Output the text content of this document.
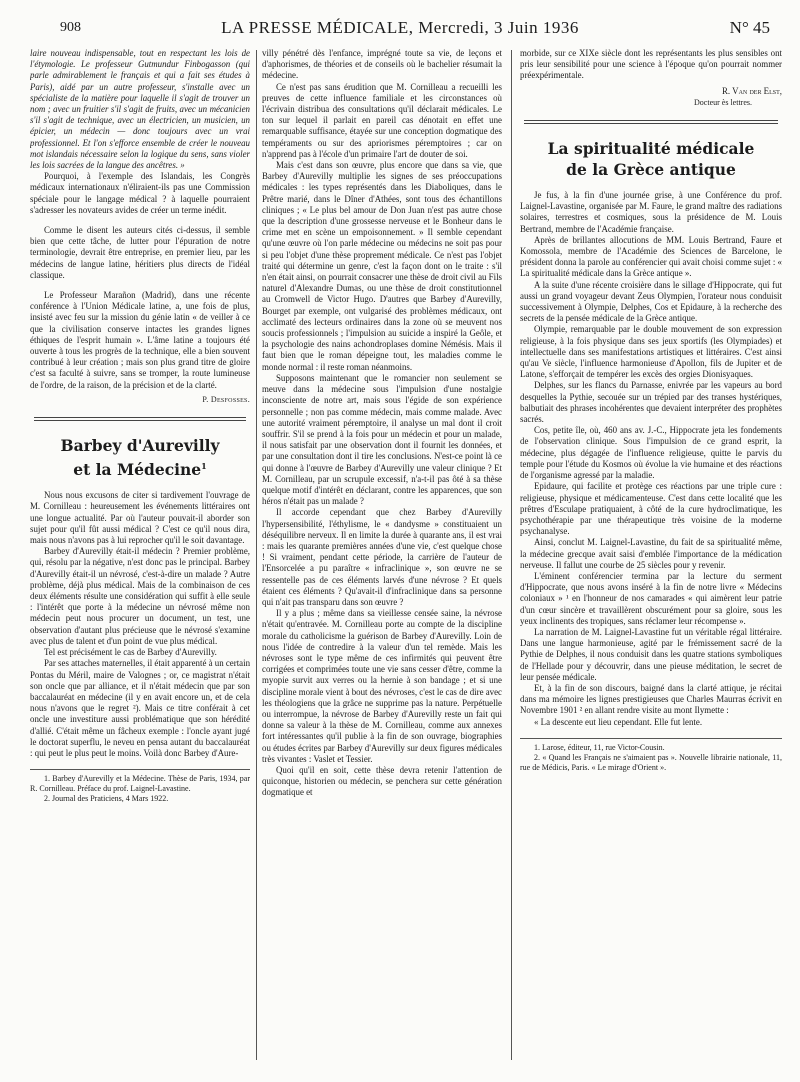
908	LA PRESSE MÉDICALE, Mercredi, 3 Juin 1936	N° 45

laire nouveau indispensable, tout en respectant les lois de l'étymologie. Le professeur Gutmundur Finbogasson (qui parle admirablement le français et qui a fait ses études à Paris), aidé par un autre professeur, s'installe avec un spécialiste de la matière pour laquelle il s'agit de trouver un nom ; avec un fruitier s'il s'agit de fruits, avec un mécanicien s'il s'agit de technique, avec un électricien, un musicien, un épicier, un médecin — donc toujours avec un vrai professionnel. Et l'on s'efforce ensemble de créer le nouveau mot islandais nécessaire selon la logique du sens, sans violer les lois sacrées de la langue des ancêtres. »

Pourquoi, à l'exemple des Islandais, les Congrès médicaux internationaux n'éliraient-ils pas une Commission spéciale pour le langage médical ? à laquelle pourraient s'adresser les novateurs avides de créer un terme inédit.

Comme le disent les auteurs cités ci-dessus, il semble bien que cette tâche, de lutter pour l'épuration de notre terminologie, devrait être entreprise, en premier lieu, par les médecins de langue latine, héritiers plus directs de l'idéal classique.

Le Professeur Marañon (Madrid), dans une récente conférence à l'Union Médicale latine, a, une fois de plus, insisté avec feu sur la mission du génie latin « de veiller à ce que la civilisation conserve intactes les grandes lignes éthiques de l'esprit humain ». L'âme latine a toujours été ouverte à tous les progrès de la technique, elle a bien souvent contribué à leur création ; mais son plus grand titre de gloire c'est sa faculté à suivre, sans se tromper, la route lumineuse de l'ordre, de la raison, de la précision et de la clarté.

P. Desfosses.
Barbey d'Aurevilly
et la Médecine$^1$

Nous nous excusons de citer si tardivement l'ouvrage de M. Cornilleau : heureusement les événements littéraires ont une longue actualité. Par où l'auteur pouvait-il aborder son sujet pour qu'il fût aussi médical ? C'est ce qu'il nous dira, mais nous n'avons pas à lui reprocher qu'il le soit davantage.

Barbey d'Aurevilly était-il médecin ? Premier problème, qui, résolu par la négative, n'est donc pas le principal. Barbey d'Aurevilly était-il un névrosé, c'est-à-dire un malade ? Autre problème, déjà plus médical. Mais de la combinaison de ces deux éléments résulte une considération qui suffit à elle seule : l'intérêt que porte à la médecine un névrosé même non médecin peut nous procurer un document, un test, une observation d'autant plus précieuse que le névrosé s'examine avec plus de talent et d'un point de vue plus médical.

Tel est précisément le cas de Barbey d'Aurevilly.

Par ses attaches maternelles, il était apparenté à un certain Pontas du Méril, maire de Valognes ; or, ce magistrat n'était son oncle que par alliance, et il n'était médecin que par son baccalauréat en médecine (il y en avait encore un, et de cela nous n'avons que le regret ²). Mais ce titre conférait à cet oncle une investiture aussi problématique que son hérédité d'allié. C'était même un fâcheux exemple : l'oncle ayant jugé le doctorat superflu, le neveu en pensa autant du baccalauréat : qui peut le plus peut le moins. Voilà donc Barbey d'Aure-

1. Barbey d'Aurevilly et la Médecine. Thèse de Paris, 1934, par R. Cornilleau. Préface du prof. Laignel-Lavastine.

2. Journal des Praticiens, 4 Mars 1922.

villy pénétré dès l'enfance, imprégné toute sa vie, de leçons et d'aphorismes, de théories et de conseils où le bachelier résumait la médecine.

Ce n'est pas sans érudition que M. Cornilleau a recueilli les preuves de cette influence familiale et les circonstances où l'écrivain distribua des consultations qu'il déclarait médicales. Le ton sur lequel il parlait en pareil cas dénotait en effet une remarquable suffisance, étayée sur une conception dogmatique des tempéraments ou sur des apriorismes péremptoires ; car on n'apprend pas à l'école d'un primaire l'art de douter de soi.

Mais c'est dans son œuvre, plus encore que dans sa vie, que Barbey d'Aurevilly multiplie les signes de ses préoccupations médicales : les types représentés dans les Diaboliques, dans le Prêtre marié, dans le Dîner d'Athées, sont tous des échantillons cliniques ; « Le plus bel amour de Don Juan n'est pas autre chose que la description d'une grossesse nerveuse et le Bonheur dans le crime met en scène un empoisonnement. » Il semble cependant qu'une œuvre où l'on parle médecine ou médecins ne soit pas pour si peu l'objet d'une thèse proprement médicale. Ce n'est pas l'objet traité qui détermine un genre, c'est la façon dont on le traite : s'il n'en était ainsi, on pourrait consacrer une thèse de droit civil au Fils naturel d'Alexandre Dumas, ou une thèse de droit constitutionnel au Cromwell de Victor Hugo. D'autres que Barbey d'Aurevilly, Bourget par exemple, ont vulgarisé des problèmes médicaux, ont acclimaté des lecteurs ordinaires dans la zone où se meuvent nos soucis professionnels ; l'impulsion au suicide a inspiré la Geôle, et la psychologie des nains achondroplases domine Némésis. Mais il faut bien que le roman dépeigne tout, les maladies comme le monde normal : il reste roman néanmoins.

Supposons maintenant que le romancier non seulement se meuve dans la médecine sous l'impulsion d'une nostalgie inconsciente de notre art, mais sous l'égide de son expérience personnelle ; non pas comme médecin, mais comme malade. Avec une autorité vraiment péremptoire, il analyse un mal dont il croit souffrir. S'il se prend à la fois pour un médecin et pour un malade, il nous satisfait par une observation dont il fournit les données, et par une consultation dont il tire les conclusions. N'est-ce point là ce qui donne à l'œuvre de Barbey d'Aurevilly une valeur clinique ? Et M. Cornilleau, par un scrupule excessif, n'a-t-il pas ôté à sa thèse quelque motif d'intérêt en déclarant, contre les apparences, que son héros n'était pas un malade ?

Il accorde cependant que chez Barbey d'Aurevilly l'hypersensibilité, l'éthylisme, le « dandysme » constituaient un déséquilibre nerveux. Il en limite la durée à quarante ans, il est vrai : mais les quarante premières années d'une vie, c'est quelque chose ! Si vraiment, pendant cette période, la carrière de l'auteur de l'Ensorcelée a pu paraître « infraclinique », son œuvre ne se ressentelle pas de ces éléments larvés d'une névrose ? Et quels étaient ces éléments ? Qu'avait-il d'infraclinique dans sa personne qui n'ait pas transparu dans son œuvre ?

Il y a plus ; même dans sa vieillesse censée saine, la névrose n'était qu'entravée. M. Cornilleau porte au compte de la discipline morale du catholicisme la guérison de Barbey d'Aurevilly. Loin de nous l'idée de contredire à la valeur d'un tel remède. Mais les névroses sont le type même de ces infirmités qui peuvent être corrigées et comprimées toute une vie sans cesser d'être, comme la myopie survit aux verres ou la hernie à son bandage ; et si une discipline morale vient à bout des névroses, c'est le cas de dire avec les théologiens que la grâce ne supprime pas la nature. Perpétuelle ou interrompue, la névrose de Barbey d'Aurevilly reste un fait qui donne sa valeur à la thèse de M. Cornilleau, comme aux annexes fort intéressantes qu'il publie à la fin de son ouvrage, biographies ou études écrites par Barbey d'Aurevilly sur deux figures médicales très vivantes : Vaslet et Tessier.

Quoi qu'il en soit, cette thèse devra retenir l'attention de quiconque, historien ou médecin, se penchera sur cette génération dogmatique et

morbide, sur ce XIXe siècle dont les représentants les plus sensibles ont pris leur sensibilité pour une science à l'époque qu'on pourrait nommer préexpérimentale.

R. Van der Elst,
Docteur ès lettres.
La spiritualité médicale
de la Grèce antique

Je fus, à la fin d'une journée grise, à une Conférence du prof. Laignel-Lavastine, organisée par M. Faure, le grand maître des radiations solaires, terrestres et cosmiques, sous la présidence de M. Louis Bertrand, membre de l'Académie française.

Après de brillantes allocutions de MM. Louis Bertrand, Faure et Komossola, membre de l'Académie des Sciences de Barcelone, le président donna la parole au conférencier qui avait choisi comme sujet : « La spiritualité médicale dans la Grèce antique ».

A la suite d'une récente croisière dans le sillage d'Hippocrate, qui fut aussi un grand voyageur devant Zeus Olympien, l'orateur nous conduisit successivement à Olympie, Delphes, Cos et Epidaure, à la recherche des secrets de la pensée médicale de la Grèce antique.

Olympie, remarquable par le double mouvement de son expression religieuse, à la fois physique dans ses jeux sportifs (les Olympiades) et intellectuelle dans ses manifestations artistiques et littéraires. C'est ainsi qu'au Ve siècle, l'influence harmonieuse d'Apollon, fils de Jupiter et de Latone, s'efforçait de tempérer les excès des orgies Dionisyaques.

Delphes, sur les flancs du Parnasse, enivrée par les vapeurs au bord desquelles la Pythie, secouée sur un trépied par des transes hystériques, balbutiait des phrases incohérentes que devaient interpréter des prophètes sacrés.

Cos, petite île, où, 460 ans av. J.-C., Hippocrate jeta les fondements de l'observation clinique. Sous l'impulsion de ce grand esprit, la médecine, plus dégagée de l'influence religieuse, quitte le parvis du temple pour l'étude du Kosmos où évolue la vie humaine et des réactions de l'organisme agressé par la maladie.

Epidaure, qui facilite et protège ces réactions par une triple cure : religieuse, physique et médicamenteuse. C'est dans cette localité que les prêtres d'Esculape pratiquaient, à côté de la cure hydroclimatique, les psychothérapie par une thérapeutique très voisine de la moderne psychanalyse.

Ainsi, conclut M. Laignel-Lavastine, du fait de sa spiritualité même, la médecine grecque avait saisi d'emblée l'importance de la médication nerveuse. Il fallut une courbe de 25 siècles pour y revenir.

L'éminent conférencier termina par la lecture du serment d'Hippocrate, que nous avons inséré à la fin de notre livre « Médecins coloniaux » ¹ en l'honneur de nos camarades « qui aimèrent leur patrie d'un cœur sincère et travaillèrent obscurément pour sa gloire, sous les yeux inclinents des tropiques, sans réclamer leur récompense ».

La narration de M. Laignel-Lavastine fut un véritable régal littéraire. Dans une langue harmonieuse, agité par le frémissement sacré de la Pythie de Delphes, il nous conduisit dans les quatre stations symboliques de l'Hellade pour y découvrir, dans une pieuse méditation, le secret de leur pensée médicale.

Et, à la fin de son discours, baigné dans la clarté attique, je récitai dans ma mémoire les lignes prestigieuses que Charles Maurras écrivit en Novembre 1901 ² en allant rendre visite au mont Ilymette :

« La descente eut lieu cependant. Elle fut lente.

1. Larose, éditeur, 11, rue Victor-Cousin.

2. « Quand les Français ne s'aimaient pas ». Nouvelle librairie nationale, 11, rue de Médicis, Paris. « Le mirage d'Orient ».
